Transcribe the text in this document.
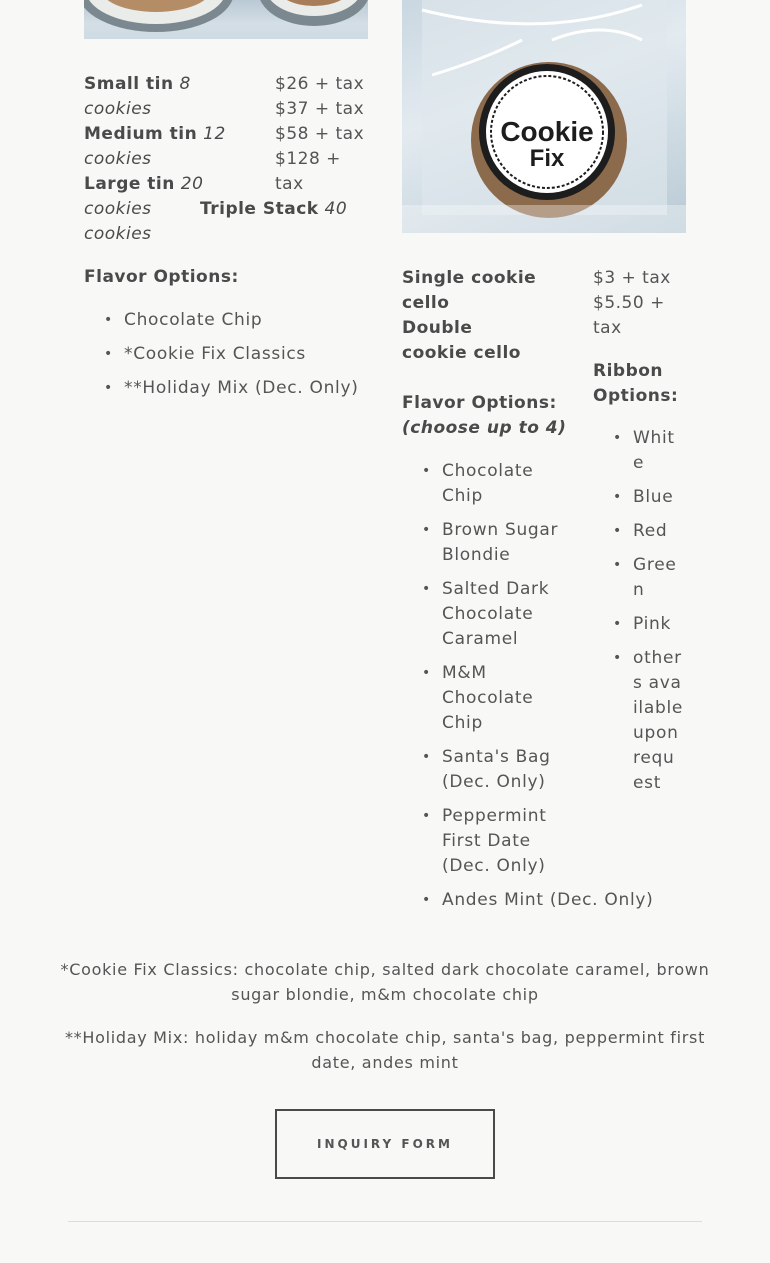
Cookie
Fix
Small tin 8
cookies
Medium tin 12
cookies
Large tin 20
cookies
cookies
Triple Stack 40
$26 + tax
$37 + tax
$58 + tax
$128 + tax
Flavor Options:
• Chocolate Chip
• *Cookie Fix Classics
• **Holiday Mix (Dec. Only)
Single cookie cello
Double cookie cello
$3 + tax
$5.50 + tax
Flavor Options:
(choose up to 4)
• Chocolate Chip
• Brown Sugar Blondie
• Salted Dark Chocolate Caramel
• M&M Chocolate Chip
• Santa's Bag (Dec. Only)
• Peppermint First Date (Dec. Only)
• Andes Mint (Dec. Only)
Ribbon Options:
• White
• Blue
• Red
• Green
• Pink
• others available upon request
*Cookie Fix Classics: chocolate chip, salted dark chocolate caramel, brown sugar blondie, m&m chocolate chip
**Holiday Mix: holiday m&m chocolate chip, santa's bag, peppermint first date, andes mint
INQUIRY FORM
